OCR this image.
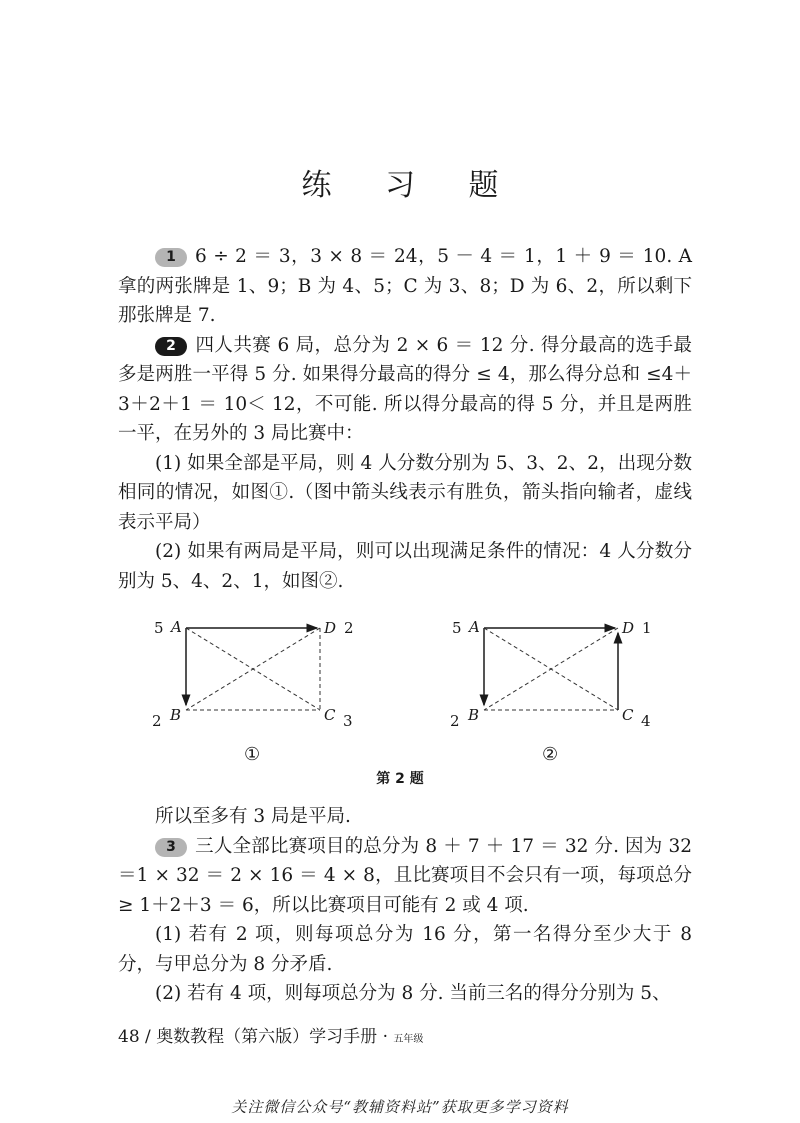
练 习 题

1 6 ÷ 2 ＝ 3，3 × 8 ＝ 24，5 － 4 ＝ 1，1 ＋ 9 ＝ 10. A 拿的两张牌是 1、9；B 为 4、5；C 为 3、8；D 为 6、2，所以剩下那张牌是 7.

2 四人共赛 6 局，总分为 2 × 6 ＝ 12 分. 得分最高的选手最多是两胜一平得 5 分. 如果得分最高的得分 ≤ 4，那么得分总和 ≤4＋3＋2＋1 ＝ 10＜ 12，不可能. 所以得分最高的得 5 分，并且是两胜一平，在另外的 3 局比赛中：

(1) 如果全部是平局，则 4 人分数分别为 5、3、2、2，出现分数相同的情况，如图①.（图中箭头线表示有胜负，箭头指向输者，虚线表示平局）

(2) 如果有两局是平局，则可以出现满足条件的情况：4 人分数分别为 5、4、2、1，如图②.

5 A	D 2
2 B	C 3
5 A	D 1
2 B	C 4
①	②
第 2 题

所以至多有 3 局是平局.

3 三人全部比赛项目的总分为 8 ＋ 7 ＋ 17 ＝ 32 分. 因为 32 ＝1 × 32 ＝ 2 × 16 ＝ 4 × 8，且比赛项目不会只有一项，每项总分 ≥ 1＋2＋3 ＝ 6，所以比赛项目可能有 2 或 4 项.

(1) 若有 2 项，则每项总分为 16 分，第一名得分至少大于 8 分，与甲总分为 8 分矛盾.

(2) 若有 4 项，则每项总分为 8 分. 当前三名的得分分别为 5、

48 / 奥数教程（第六版）学习手册 · 五年级
关注微信公众号“教辅资料站”获取更多学习资料
